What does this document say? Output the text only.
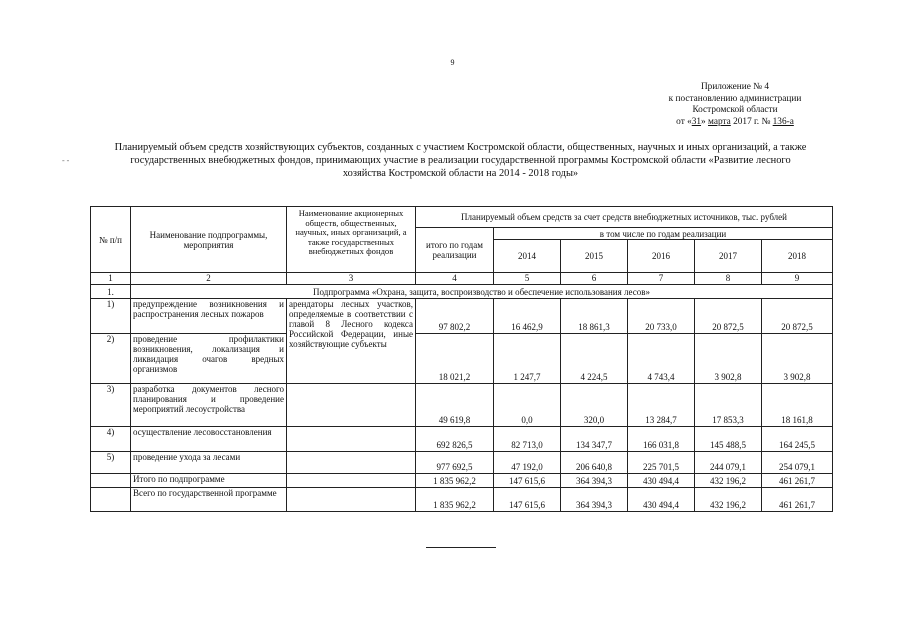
9
Приложение № 4
к постановлению администрации
Костромской области
от «31» марта 2017 г. № 136-а
- -
Планируемый объем средств хозяйствующих субъектов, созданных с участием Костромской области, общественных, научных и иных организаций, а также
государственных внебюджетных фондов, принимающих участие в реализации государственной программы Костромской области «Развитие лесного
хозяйства Костромской области на 2014 - 2018 годы»
№ п/п	Наименование подпрограммы, мероприятия	Наименование акционерных обществ, общественных, научных, иных организаций, а также государственных внебюджетных фондов	Планируемый объем средств за счет средств внебюджетных источников, тыс. рублей					
			итого по годам реализации	в том числе по годам реализации				
				2014	2015	2016	2017	2018
1	2	3	4	5	6	7	8	9
1.	Подпрограмма «Охрана, защита, воспроизводство и обеспечение использования лесов»							
1)	предупреждение возникновения и распространения лесных пожаров	арендаторы лесных участков, определяемые в соответствии с главой 8 Лесного кодекса Российской Федерации, иные хозяйствующие субъекты	97 802,2	16 462,9	18 861,3	20 733,0	20 872,5	20 872,5
2)	проведение профилактики возникновения, локализация и ликвидация очагов вредных организмов		18 021,2	1 247,7	4 224,5	4 743,4	3 902,8	3 902,8
3)	разработка документов лесного планирования и проведение мероприятий лесоустройства		49 619,8	0,0	320,0	13 284,7	17 853,3	18 161,8
4)	осуществление лесовосстановления		692 826,5	82 713,0	134 347,7	166 031,8	145 488,5	164 245,5
5)	проведение ухода за лесами		977 692,5	47 192,0	206 640,8	225 701,5	244 079,1	254 079,1
	Итого по подпрограмме		1 835 962,2	147 615,6	364 394,3	430 494,4	432 196,2	461 261,7
	Всего по государственной программе		1 835 962,2	147 615,6	364 394,3	430 494,4	432 196,2	461 261,7
